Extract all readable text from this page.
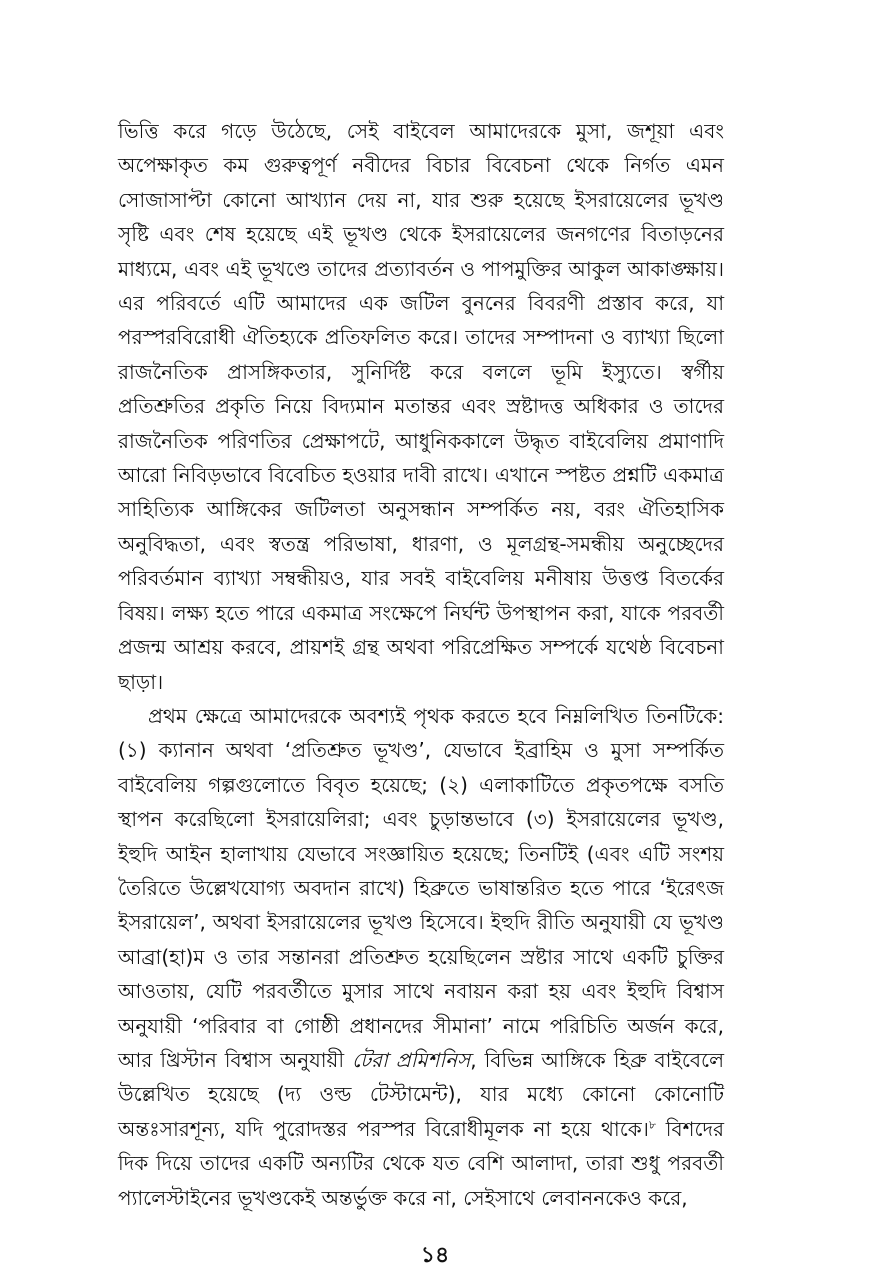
ভিত্তি করে গড়ে উঠেছে, সেই বাইবেল আমাদেরকে মুসা, জশূয়া এবং অপেক্ষাকৃত কম গুরুত্বপূর্ণ নবীদের বিচার বিবেচনা থেকে নির্গত এমন সোজাসাপ্টা কোনো আখ্যান দেয় না, যার শুরু হয়েছে ইসরায়েলের ভূখণ্ড সৃষ্টি এবং শেষ হয়েছে এই ভূখণ্ড থেকে ইসরায়েলের জনগণের বিতাড়নের মাধ্যমে, এবং এই ভূখণ্ডে তাদের প্রত্যাবর্তন ও পাপমুক্তির আকুল আকাঙ্ক্ষায়। এর পরিবর্তে এটি আমাদের এক জটিল বুননের বিবরণী প্রস্তাব করে, যা পরস্পরবিরোধী ঐতিহ্যকে প্রতিফলিত করে। তাদের সম্পাদনা ও ব্যাখ্যা ছিলো রাজনৈতিক প্রাসঙ্গিকতার, সুনির্দিষ্ট করে বললে ভূমি ইস্যুতে। স্বর্গীয় প্রতিশ্রুতির প্রকৃতি নিয়ে বিদ্যমান মতান্তর এবং স্রষ্টাদত্ত অধিকার ও তাদের রাজনৈতিক পরিণতির প্রেক্ষাপটে, আধুনিককালে উদ্ধৃত বাইবেলিয় প্রমাণাদি আরো নিবিড়ভাবে বিবেচিত হওয়ার দাবী রাখে। এখানে স্পষ্টত প্রশ্নটি একমাত্র সাহিত্যিক আঙ্গিকের জটিলতা অনুসন্ধান সম্পর্কিত নয়, বরং ঐতিহাসিক অনুবিদ্ধতা, এবং স্বতন্ত্র পরিভাষা, ধারণা, ও মূলগ্রন্থ-সমন্ধীয় অনুচ্ছেদের পরিবর্তমান ব্যাখ্যা সম্বন্ধীয়ও, যার সবই বাইবেলিয় মনীষায় উত্তপ্ত বিতর্কের বিষয়। লক্ষ্য হতে পারে একমাত্র সংক্ষেপে নির্ঘন্ট উপস্থাপন করা, যাকে পরবর্তী প্রজন্ম আশ্রয় করবে, প্রায়শই গ্রন্থ অথবা পরিপ্রেক্ষিত সম্পর্কে যথেষ্ঠ বিবেচনা ছাড়া।

প্রথম ক্ষেত্রে আমাদেরকে অবশ্যই পৃথক করতে হবে নিম্নলিখিত তিনটিকে: (১) ক্যানান অথবা ‘প্রতিশ্রুত ভূখণ্ড’, যেভাবে ইব্রাহিম ও মুসা সম্পর্কিত বাইবেলিয় গল্পগুলোতে বিবৃত হয়েছে; (২) এলাকাটিতে প্রকৃতপক্ষে বসতি স্থাপন করেছিলো ইসরায়েলিরা; এবং চুড়ান্তভাবে (৩) ইসরায়েলের ভূখণ্ড, ইহুদি আইন হালাখায় যেভাবে সংজ্ঞায়িত হয়েছে; তিনটিই (এবং এটি সংশয় তৈরিতে উল্লেখযোগ্য অবদান রাখে) হিব্রুতে ভাষান্তরিত হতে পারে ‘ইরেৎজ ইসরায়েল’, অথবা ইসরায়েলের ভূখণ্ড হিসেবে। ইহুদি রীতি অনুযায়ী যে ভূখণ্ড আব্রা(হা)ম ও তার সন্তানরা প্রতিশ্রুত হয়েছিলেন স্রষ্টার সাথে একটি চুক্তির আওতায়, যেটি পরবর্তীতে মুসার সাথে নবায়ন করা হয় এবং ইহুদি বিশ্বাস অনুযায়ী ‘পরিবার বা গোষ্ঠী প্রধানদের সীমানা’ নামে পরিচিতি অর্জন করে, আর খ্রিস্টান বিশ্বাস অনুযায়ী টেরা প্রমিশনিস, বিভিন্ন আঙ্গিকে হিব্রু বাইবেলে উল্লেখিত হয়েছে (দ্য ওল্ড টেস্টামেন্ট), যার মধ্যে কোনো কোনোটি অন্তঃসারশূন্য, যদি পুরোদস্তর পরস্পর বিরোধীমূলক না হয়ে থাকে।$^৮$ বিশদের দিক দিয়ে তাদের একটি অন্যটির থেকে যত বেশি আলাদা, তারা শুধু পরবর্তী প্যালেস্টাইনের ভূখণ্ডকেই অন্তর্ভুক্ত করে না, সেইসাথে লেবাননকেও করে,

১৪
